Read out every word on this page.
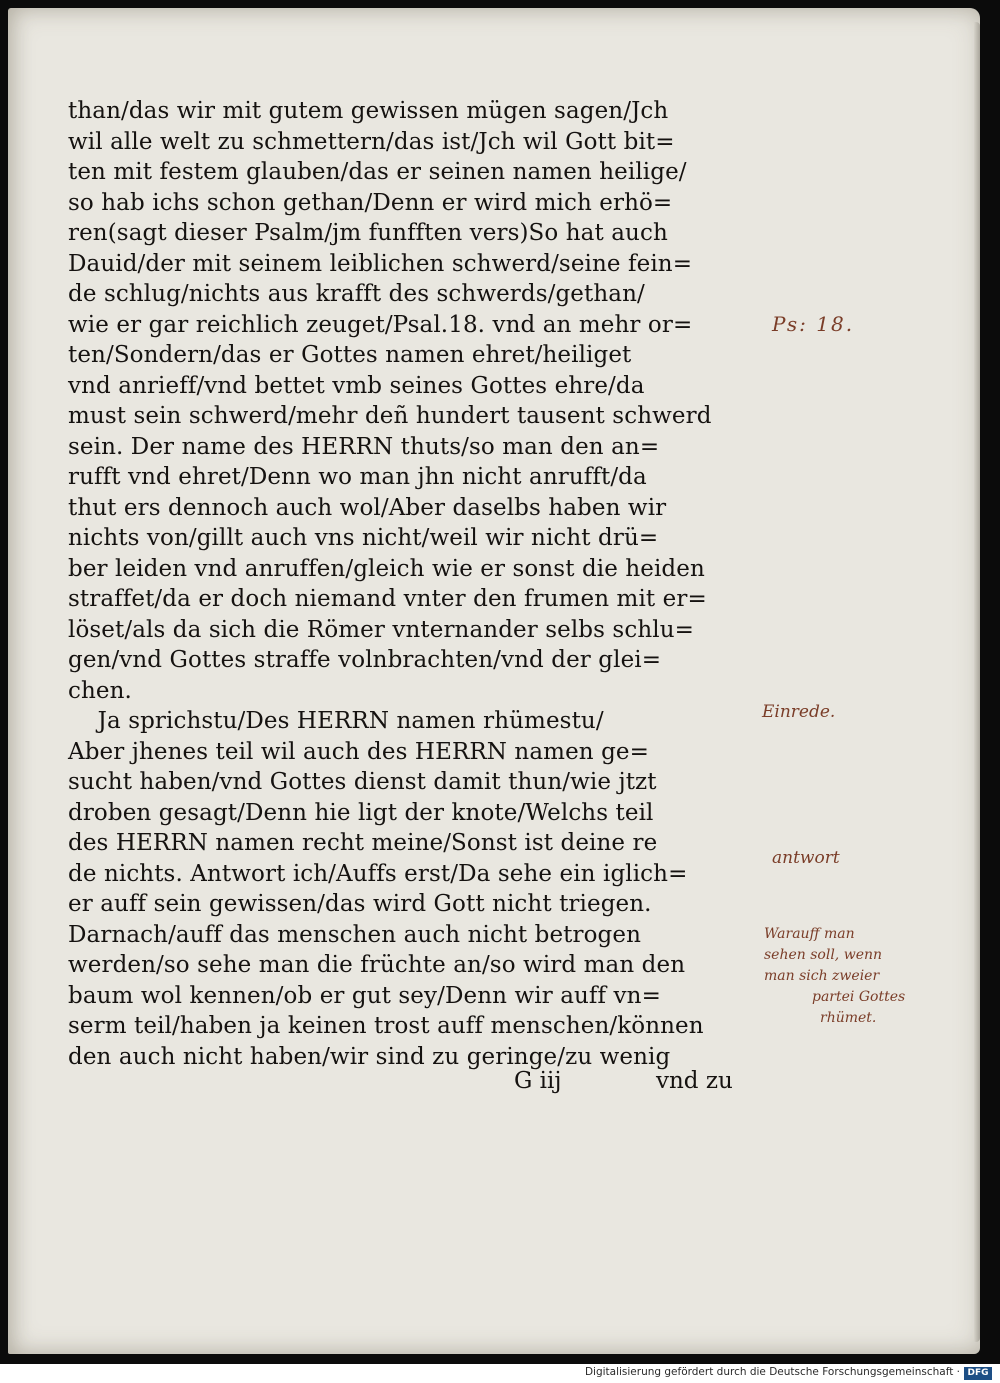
than/das wir mit gutem gewissen mügen sagen/Jch
wil alle welt zu schmettern/das ist/Jch wil Gott bit=
ten mit festem glauben/das er seinen namen heilige/
so hab ichs schon gethan/Denn er wird mich erhö=
ren(sagt dieser Psalm/jm funfften vers)So hat auch
Dauid/der mit seinem leiblichen schwerd/seine fein=
de schlug/nichts aus krafft des schwerds/gethan/
wie er gar reichlich zeuget/Psal.18. vnd an mehr or=
ten/Sondern/das er Gottes namen ehret/heiliget
vnd anrieff/vnd bettet vmb seines Gottes ehre/da
must sein schwerd/mehr deñ hundert tausent schwerd
sein. Der name des HERRN thuts/so man den an=
rufft vnd ehret/Denn wo man jhn nicht anrufft/da
thut ers dennoch auch wol/Aber daselbs haben wir
nichts von/gillt auch vns nicht/weil wir nicht drü=
ber leiden vnd anruffen/gleich wie er sonst die heiden
straffet/da er doch niemand vnter den frumen mit er=
löset/als da sich die Römer vnternander selbs schlu=
gen/vnd Gottes straffe volnbrachten/vnd der glei=
chen.
Ja sprichstu/Des HERRN namen rhümestu/
Aber jhenes teil wil auch des HERRN namen ge=
sucht haben/vnd Gottes dienst damit thun/wie jtzt
droben gesagt/Denn hie ligt der knote/Welchs teil
des HERRN namen recht meine/Sonst ist deine re
de nichts. Antwort ich/Auffs erst/Da sehe ein iglich=
er auff sein gewissen/das wird Gott nicht triegen.
Darnach/auff das menschen auch nicht betrogen
werden/so sehe man die früchte an/so wird man den
baum wol kennen/ob er gut sey/Denn wir auff vn=
serm teil/haben ja keinen trost auff menschen/können
den auch nicht haben/wir sind zu geringe/zu wenig
G iij	vnd zu
Ps: 18.
Einrede.
antwort
Warauff man
sehen soll, wenn
man sich zweier
partei Gottes
rhümet.
Digitalisierung gefördert durch die Deutsche Forschungsgemeinschaft · DFG
